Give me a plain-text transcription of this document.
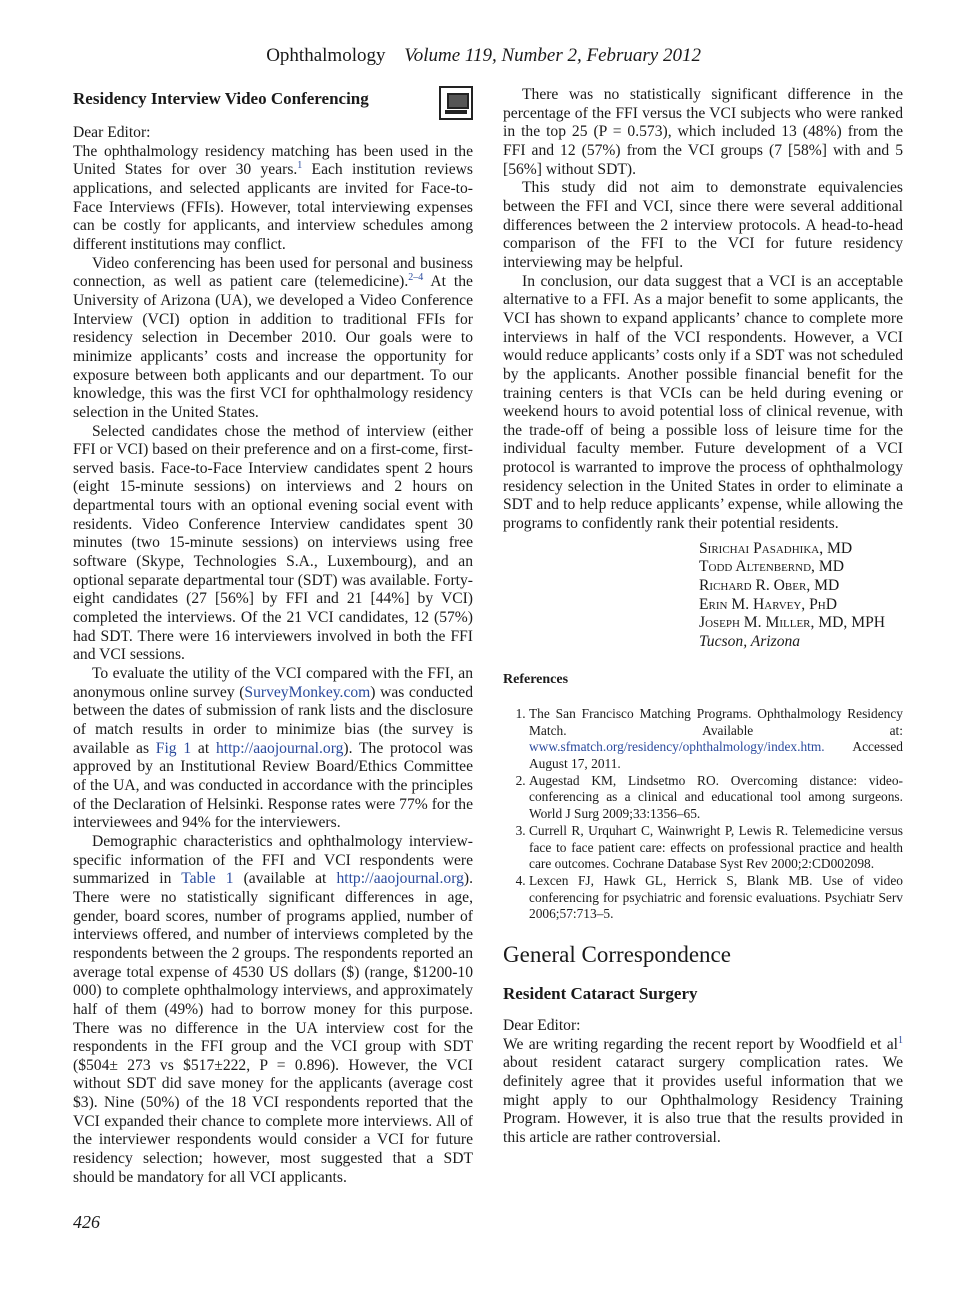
Ophthalmology Volume 119, Number 2, February 2012
Residency Interview Video Conferencing

Dear Editor:

The ophthalmology residency matching has been used in the United States for over 30 years.$^1$ Each institution reviews applications, and selected applicants are invited for Face-to-Face Interviews (FFIs). However, total interviewing expenses can be costly for applicants, and interview schedules among different institutions may conflict.

Video conferencing has been used for personal and business connection, as well as patient care (telemedicine).$^{2-4}$ At the University of Arizona (UA), we developed a Video Conference Interview (VCI) option in addition to traditional FFIs for residency selection in December 2010. Our goals were to minimize applicants’ costs and increase the opportunity for exposure between both applicants and our department. To our knowledge, this was the first VCI for ophthalmology residency selection in the United States.

Selected candidates chose the method of interview (either FFI or VCI) based on their preference and on a first-come, first-served basis. Face-to-Face Interview candidates spent 2 hours (eight 15-minute sessions) on interviews and 2 hours on departmental tours with an optional evening social event with residents. Video Conference Interview candidates spent 30 minutes (two 15-minute sessions) on interviews using free software (Skype, Technologies S.A., Luxembourg), and an optional separate departmental tour (SDT) was available. Forty-eight candidates (27 [56%] by FFI and 21 [44%] by VCI) completed the interviews. Of the 21 VCI candidates, 12 (57%) had SDT. There were 16 interviewers involved in both the FFI and VCI sessions.

To evaluate the utility of the VCI compared with the FFI, an anonymous online survey (SurveyMonkey.com) was conducted between the dates of submission of rank lists and the disclosure of match results in order to minimize bias (the survey is available as Fig 1 at http://aaojournal.org). The protocol was approved by an Institutional Review Board/Ethics Committee of the UA, and was conducted in accordance with the principles of the Declaration of Helsinki. Response rates were 77% for the interviewees and 94% for the interviewers.

Demographic characteristics and ophthalmology interview-specific information of the FFI and VCI respondents were summarized in Table 1 (available at http://aaojournal.org). There were no statistically significant differences in age, gender, board scores, number of programs applied, number of interviews offered, and number of interviews completed by the respondents between the 2 groups. The respondents reported an average total expense of 4530 US dollars ($) (range, $1200-10 000) to complete ophthalmology interviews, and approximately half of them (49%) had to borrow money for this purpose. There was no difference in the UA interview cost for the respondents in the FFI group and the VCI group with SDT ($504± 273 vs $517±222, P = 0.896). However, the VCI without SDT did save money for the applicants (average cost $3). Nine (50%) of the 18 VCI respondents reported that the VCI expanded their chance to complete more interviews. All of the interviewer respondents would consider a VCI for future residency selection; however, most suggested that a SDT should be mandatory for all VCI applicants.

There was no statistically significant difference in the percentage of the FFI versus the VCI subjects who were ranked in the top 25 (P = 0.573), which included 13 (48%) from the FFI and 12 (57%) from the VCI groups (7 [58%] with and 5 [56%] without SDT).

This study did not aim to demonstrate equivalencies between the FFI and VCI, since there were several additional differences between the 2 interview protocols. A head-to-head comparison of the FFI to the VCI for future residency interviewing may be helpful.

In conclusion, our data suggest that a VCI is an acceptable alternative to a FFI. As a major benefit to some applicants, the VCI has shown to expand applicants’ chance to complete more interviews in half of the VCI respondents. However, a VCI would reduce applicants’ costs only if a SDT was not scheduled by the applicants. Another possible financial benefit for the training centers is that VCIs can be held during evening or weekend hours to avoid potential loss of clinical revenue, with the trade-off of being a possible loss of leisure time for the individual faculty member. Future development of a VCI protocol is warranted to improve the process of ophthalmology residency selection in the United States in order to eliminate a SDT and to help reduce applicants’ expense, while allowing the programs to confidently rank their potential residents.

Sirichai Pasadhika, MD
Todd Altenbernd, MD
Richard R. Ober, MD
Erin M. Harvey, PhD
Joseph M. Miller, MD, MPH
Tucson, Arizona
References
1. The San Francisco Matching Programs. Ophthalmology Residency Match. Available at: www.sfmatch.org/residency/ophthalmology/index.htm. Accessed August 17, 2011.
2. Augestad KM, Lindsetmo RO. Overcoming distance: video-conferencing as a clinical and educational tool among surgeons. World J Surg 2009;33:1356–65.
3. Currell R, Urquhart C, Wainwright P, Lewis R. Telemedicine versus face to face patient care: effects on professional practice and health care outcomes. Cochrane Database Syst Rev 2000;2:CD002098.
4. Lexcen FJ, Hawk GL, Herrick S, Blank MB. Use of video conferencing for psychiatric and forensic evaluations. Psychiatr Serv 2006;57:713–5.
General Correspondence
Resident Cataract Surgery

Dear Editor:

We are writing regarding the recent report by Woodfield et $al^1$ about resident cataract surgery complication rates. We definitely agree that it provides useful information that we might apply to our Ophthalmology Residency Training Program. However, it is also true that the results provided in this article are rather controversial.

426
